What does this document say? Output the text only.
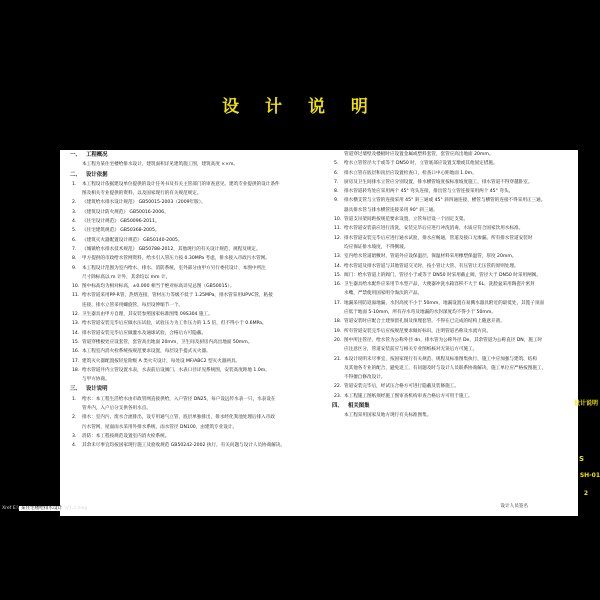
设 计 说 明
一、 工程概况
本工程为某住宅楼给排水设计，建筑面积详见建筑施工图，建筑高度 ××m。
二、 设计依据
1. 本工程设计依据建设单位提供的设计任务书及有关主管部门的审查意见，建筑专业提供的设计条件
图及相关专业提供的资料，以及国家现行的有关规范规定。
2. 《建筑给水排水设计规范》 GB50015-2003（2009年版）。
3. 《建筑设计防火规范》 GB50016-2006。
4. 《住宅设计规范》 GB50096-2011。
5. 《住宅建筑规范》 GB50368-2005。
6. 《建筑灭火器配置设计规范》 GB50140-2005。
7. 《城镇给水排水技术规范》 GB50788-2012，其他现行的有关设计规范、规程及规定。
8. 甲方提供的市政给水管网资料，给水引入管压力按 0.30MPa 考虑，排水接入市政污水管网。
9. 本工程设计范围为室内给水、排水、消防系统，室外部分由甲方另行委托设计，本图中所注
尺寸除标高以 m 计外，其余均以 mm 计。
10. 图中标高均为相对标高，±0.000 相当于绝对标高详见总图（GB50015）。
11. 给水管道采用PP-R管，热熔连接，管材压力等级不低于 1.25MPa，排水管采用UPVC管，粘接
连接，排水立管采用螺旋管，每层设伸缩节一个。
12. 卫生器具由甲方自理，其安装参照国家标准图集 09S304 施工。
13. 给水管道安装完毕后应做水压试验，试验压力为工作压力的 1.5 倍，但不得小于 0.6MPa。
14. 排水管道安装完毕后应做灌水及通球试验，合格后方可隐蔽。
15. 管道穿楼板处应设套管，套管高出地面 20mm，卫生间及厨房内高出地面 50mm。
16. 本工程室内消火栓系统按规范要求设置，每层设手提式灭火器。
17. 建筑灭火器配置按轻危险级 A 类火灾设计，每处设 MF/ABC2 型灭火器两具。
18. 给水管道井内立管设置水表，水表前后设阀门，水表口径详见系统图，安装高度距地 1.0m。
与甲方协商。
三、 设计说明
1. 给水：本工程生活给水由市政管网直接供给，入户管径 DN25，每户设远传水表一只，水表设在
管井内，入户后分支供各用水点。
2. 排水：室内污、废水合流排出，设专用通气立管，底层单独排出，排水经化粪池处理后排入市政
污水管网，屋面雨水采用外排水系统，雨水管径 DN100，由建筑专业设计。
3. 消防：本工程按规范设置室内消火栓系统。
4. 其余未尽事宜均按国家现行施工及验收规范 GB50242-2002 执行，有关问题与设计人员协商解决。
管道穿过墙壁及楼板时应设置金属或塑料套管，套管应高出地面 20mm。
5. 给水立管管径大于或等于 DN50 时，立管底部应设置支墩或其他固定措施。
6. 排水立管在底层和顶层应设置检查口，检查口中心距地面 1.0m。
7. 厨房及卫生间排水立管应分别设置，排水横管坡度按标准坡度施工，排水管道不得穿越卧室。
8. 排水管道转弯处应采用两个 45° 弯头连接，排出管与立管连接采用两个 45° 弯头。
9. 排水横支管与立管的连接采用 45° 斜三通或 45° 斜四通连接，横管与横管的连接不得采用正三通。
器具排水管与排水横管连接采用 90° 斜三通。
10. 管道支吊架间距按规范要求设置，立管每层设一个固定支架。
11. 给水管道安装前应进行清洗，安装完毕后应进行冲洗消毒，水质应符合国家饮用水标准。
12. 排水管道安装完毕后应进行通水试验，排水应畅通，管道及接口无渗漏。所有排水管道安装时
均应保证排水坡度，不得倒坡。
13. 室内给水管道暗敷时，管道外应设保温层，保温材料采用橡塑保温管，厚度 20mm。
14. 给水管道及排水管道与其他管道交叉时，按小管让大管、有压管让无压管的原则处理。
15. 阀门：给水管道上的阀门，管径小于或等于 DN50 时采用截止阀，管径大于 DN50 时采用闸阀。
16. 卫生器具给水配件应采用节水型产品，大便器冲洗水箱容积不大于 6L，洗脸盆采用陶瓷片密封
水嘴，严禁使用国家明令淘汰的产品。
17. 地漏采用防返溢地漏，水封高度不小于 50mm，地漏设置在易溅水器具附近的最低处，其篦子顶面
应低于地面 5-10mm，所有存水弯及地漏的水封深度均不得小于 50mm。
18. 管道安装时应配合土建预留孔洞及预埋套管，不得在已完成的结构上随意开凿。
19. 所有管道安装完毕后应按规范要求做好标识，注明管道名称及水流方向。
20. 图中所注管径，给水管为公称外径 dn，排水管为公称外径 De，其余管道为公称直径 DN，施工时
应注意区分，管道安装前应与相关专业图纸核对无误后方可施工。
21. 本设计说明未尽事宜，按国家现行有关规范、规程及标准图集执行，施工中应加强与建筑、结构
及其他各专业的配合，避免返工，有问题及时与设计人员联系协商解决，施工单位应严格按图施工，
不得擅自修改设计。
22. 管道安装完毕后，经试压合格方可进行隐蔽及装修施工。
23. 本工程施工图纸须经施工图审查机构审查合格后方可用于施工。
四、 相关图集
本工程采用国家及地方现行有关标准图集。
设计人员签名
设计说明
S
SH-01
2
Xref E:\ 某住宅楼给排水设计 \V1.2.dwg
